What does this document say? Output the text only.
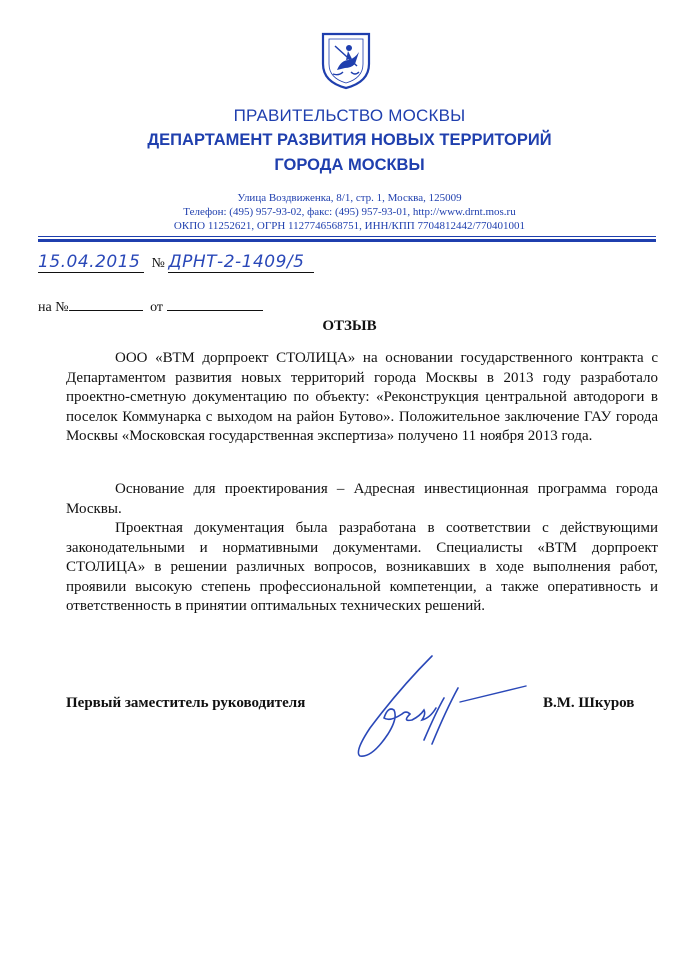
ПРАВИТЕЛЬСТВО МОСКВЫ
ДЕПАРТАМЕНТ РАЗВИТИЯ НОВЫХ ТЕРРИТОРИЙ
ГОРОДА МОСКВЫ
Улица Воздвиженка, 8/1, стр. 1, Москва, 125009
Телефон: (495) 957-93-02, факс: (495) 957-93-01, http://www.drnt.mos.ru
ОКПО 11252621, ОГРН 1127746568751, ИНН/КПП 7704812442/770401001
15.04.2015 № ДРНТ-2-1409/5
на №	от
ОТЗЫВ

ООО «ВТМ дорпроект СТОЛИЦА» на основании государственного контракта с Департаментом развития новых территорий города Москвы в 2013 году разработало проектно-сметную документацию по объекту: «Реконструкция центральной автодороги в поселок Коммунарка с выходом на район Бутово». Положительное заключение ГАУ города Москвы «Московская государственная экспертиза» получено 11 ноября 2013 года.

Основание для проектирования – Адресная инвестиционная программа города Москвы.

Проектная документация была разработана в соответствии с действующими законодательными и нормативными документами. Специалисты «ВТМ дорпроект СТОЛИЦА» в решении различных вопросов, возникавших в ходе выполнения работ, проявили высокую степень профессиональной компетенции, а также оперативность и ответственность в принятии оптимальных технических решений.

Первый заместитель руководителя	В.М. Шкуров
